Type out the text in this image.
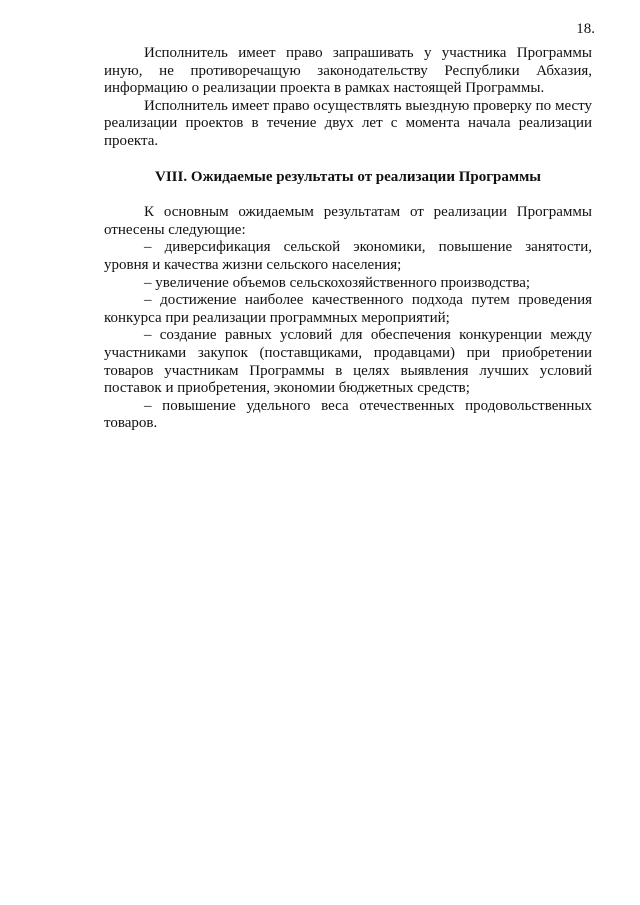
18.

Исполнитель имеет право запрашивать у участника Программы иную, не противоречащую законодательству Республики Абхазия, информацию о реализации проекта в рамках настоящей Программы.

Исполнитель имеет право осуществлять выездную проверку по месту реализации проектов в течение двух лет с момента начала реализации проекта.

VIII. Ожидаемые результаты от реализации Программы

К основным ожидаемым результатам от реализации Программы отнесены следующие:

– диверсификация сельской экономики, повышение занятости, уровня и качества жизни сельского населения;

– увеличение объемов сельскохозяйственного производства;

– достижение наиболее качественного подхода путем проведения конкурса при реализации программных мероприятий;

– создание равных условий для обеспечения конкуренции между участниками закупок (поставщиками, продавцами) при приобретении товаров участникам Программы в целях выявления лучших условий поставок и приобретения, экономии бюджетных средств;

– повышение удельного веса отечественных продовольственных товаров.
